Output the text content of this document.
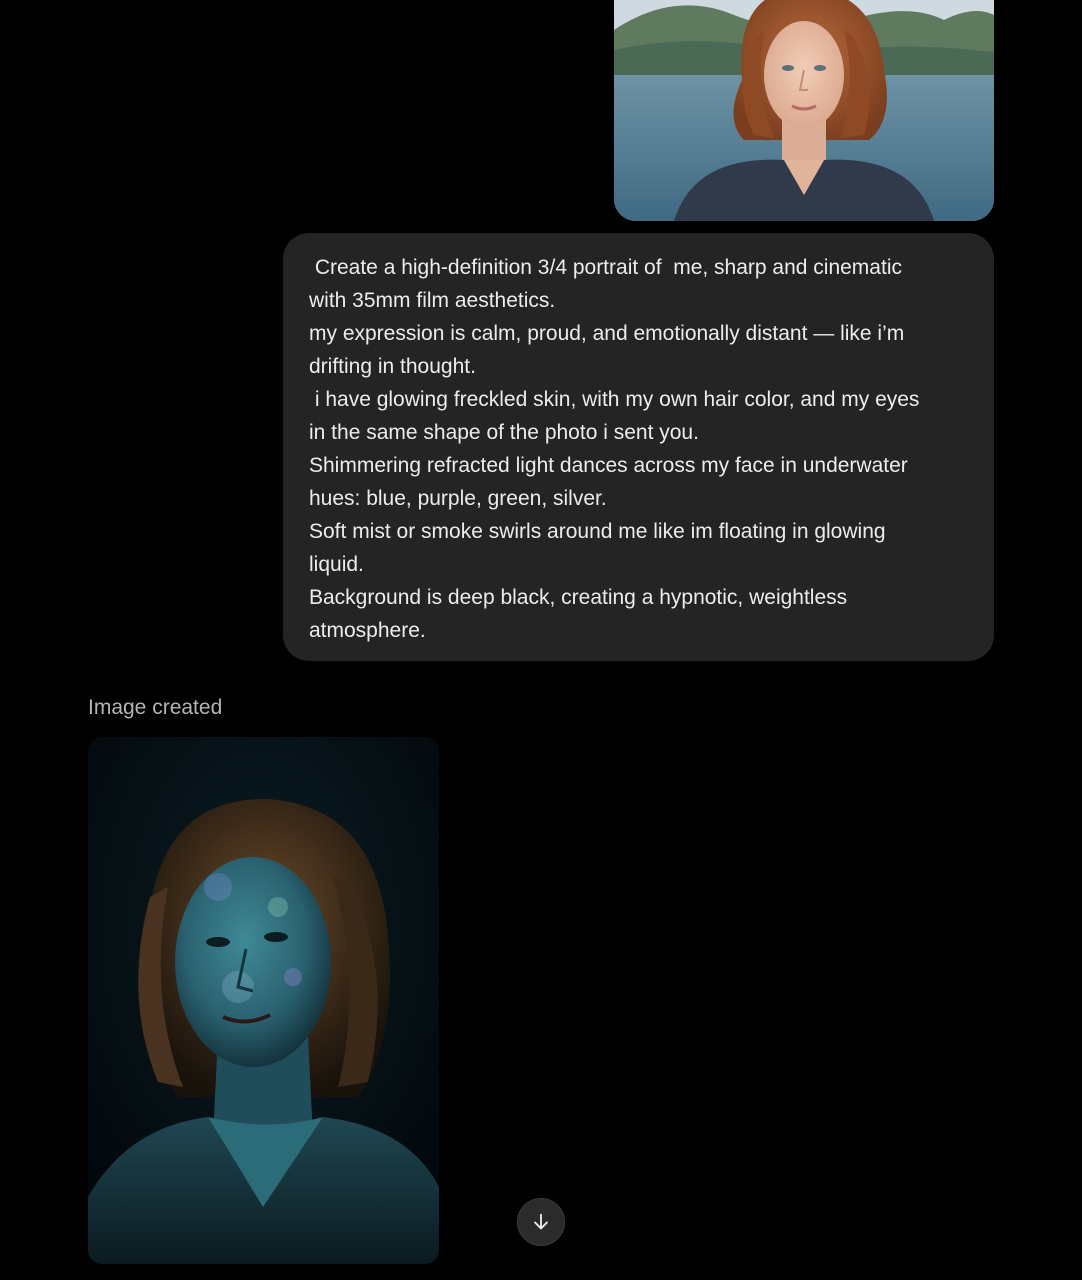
Create a high-definition 3/4 portrait of  me, sharp and cinematic
with 35mm film aesthetics.
my expression is calm, proud, and emotionally distant — like i’m
drifting in thought.
i have glowing freckled skin, with my own hair color, and my eyes
in the same shape of the photo i sent you.
Shimmering refracted light dances across my face in underwater
hues: blue, purple, green, silver.
Soft mist or smoke swirls around me like im floating in glowing
liquid.
Background is deep black, creating a hypnotic, weightless
atmosphere.
Image created
